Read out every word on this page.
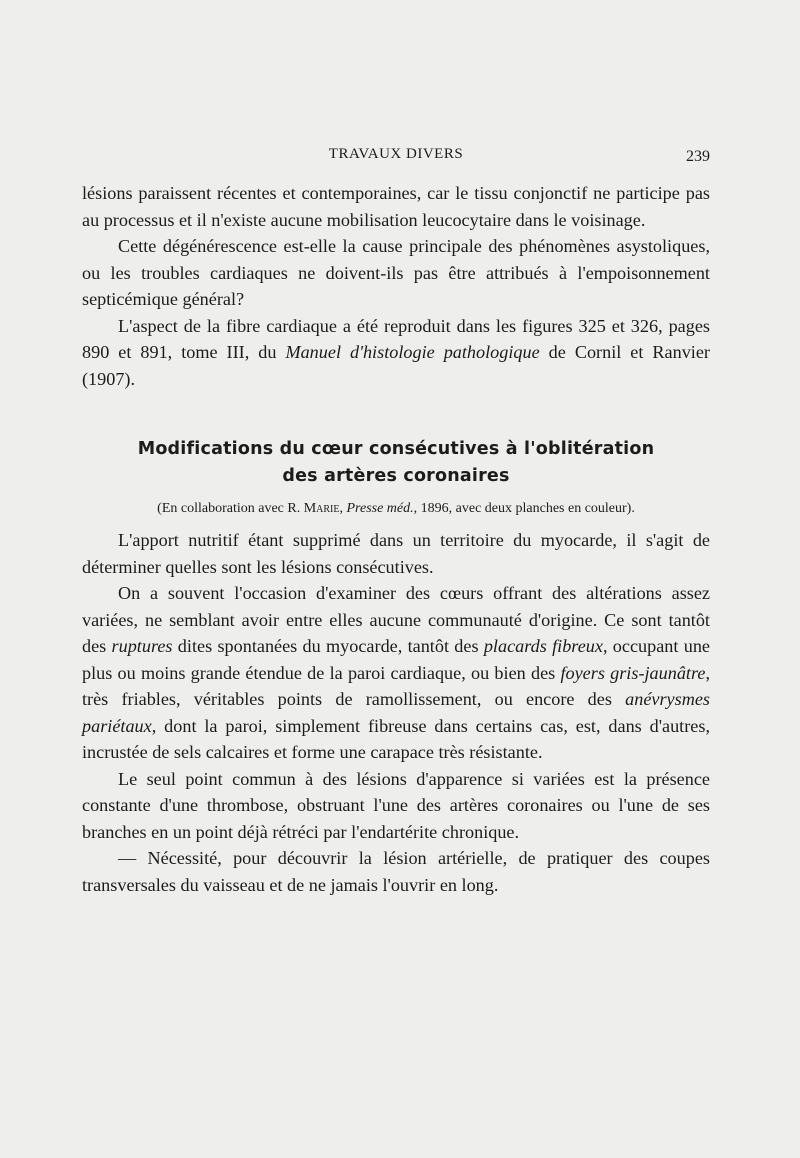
TRAVAUX DIVERS	239

lésions paraissent récentes et contemporaines, car le tissu conjonctif ne participe pas au processus et il n'existe aucune mobilisation leucocytaire dans le voisinage.

Cette dégénérescence est-elle la cause principale des phénomènes asystoliques, ou les troubles cardiaques ne doivent-ils pas être attribués à l'empoisonnement septicémique général?

L'aspect de la fibre cardiaque a été reproduit dans les figures 325 et 326, pages 890 et 891, tome III, du Manuel d'histologie pathologique de Cornil et Ranvier (1907).

Modifications du cœur consécutives à l'oblitération
des artères coronaires
(En collaboration avec R. Marie, Presse méd., 1896, avec deux planches en couleur).

L'apport nutritif étant supprimé dans un territoire du myocarde, il s'agit de déterminer quelles sont les lésions consécutives.

On a souvent l'occasion d'examiner des cœurs offrant des altérations assez variées, ne semblant avoir entre elles aucune communauté d'origine. Ce sont tantôt des ruptures dites spontanées du myocarde, tantôt des placards fibreux, occupant une plus ou moins grande étendue de la paroi cardiaque, ou bien des foyers gris-jaunâtre, très friables, véritables points de ramollissement, ou encore des anévrysmes pariétaux, dont la paroi, simplement fibreuse dans certains cas, est, dans d'autres, incrustée de sels calcaires et forme une carapace très résistante.

Le seul point commun à des lésions d'apparence si variées est la présence constante d'une thrombose, obstruant l'une des artères coronaires ou l'une de ses branches en un point déjà rétréci par l'endartérite chronique.

— Nécessité, pour découvrir la lésion artérielle, de pratiquer des coupes transversales du vaisseau et de ne jamais l'ouvrir en long.
